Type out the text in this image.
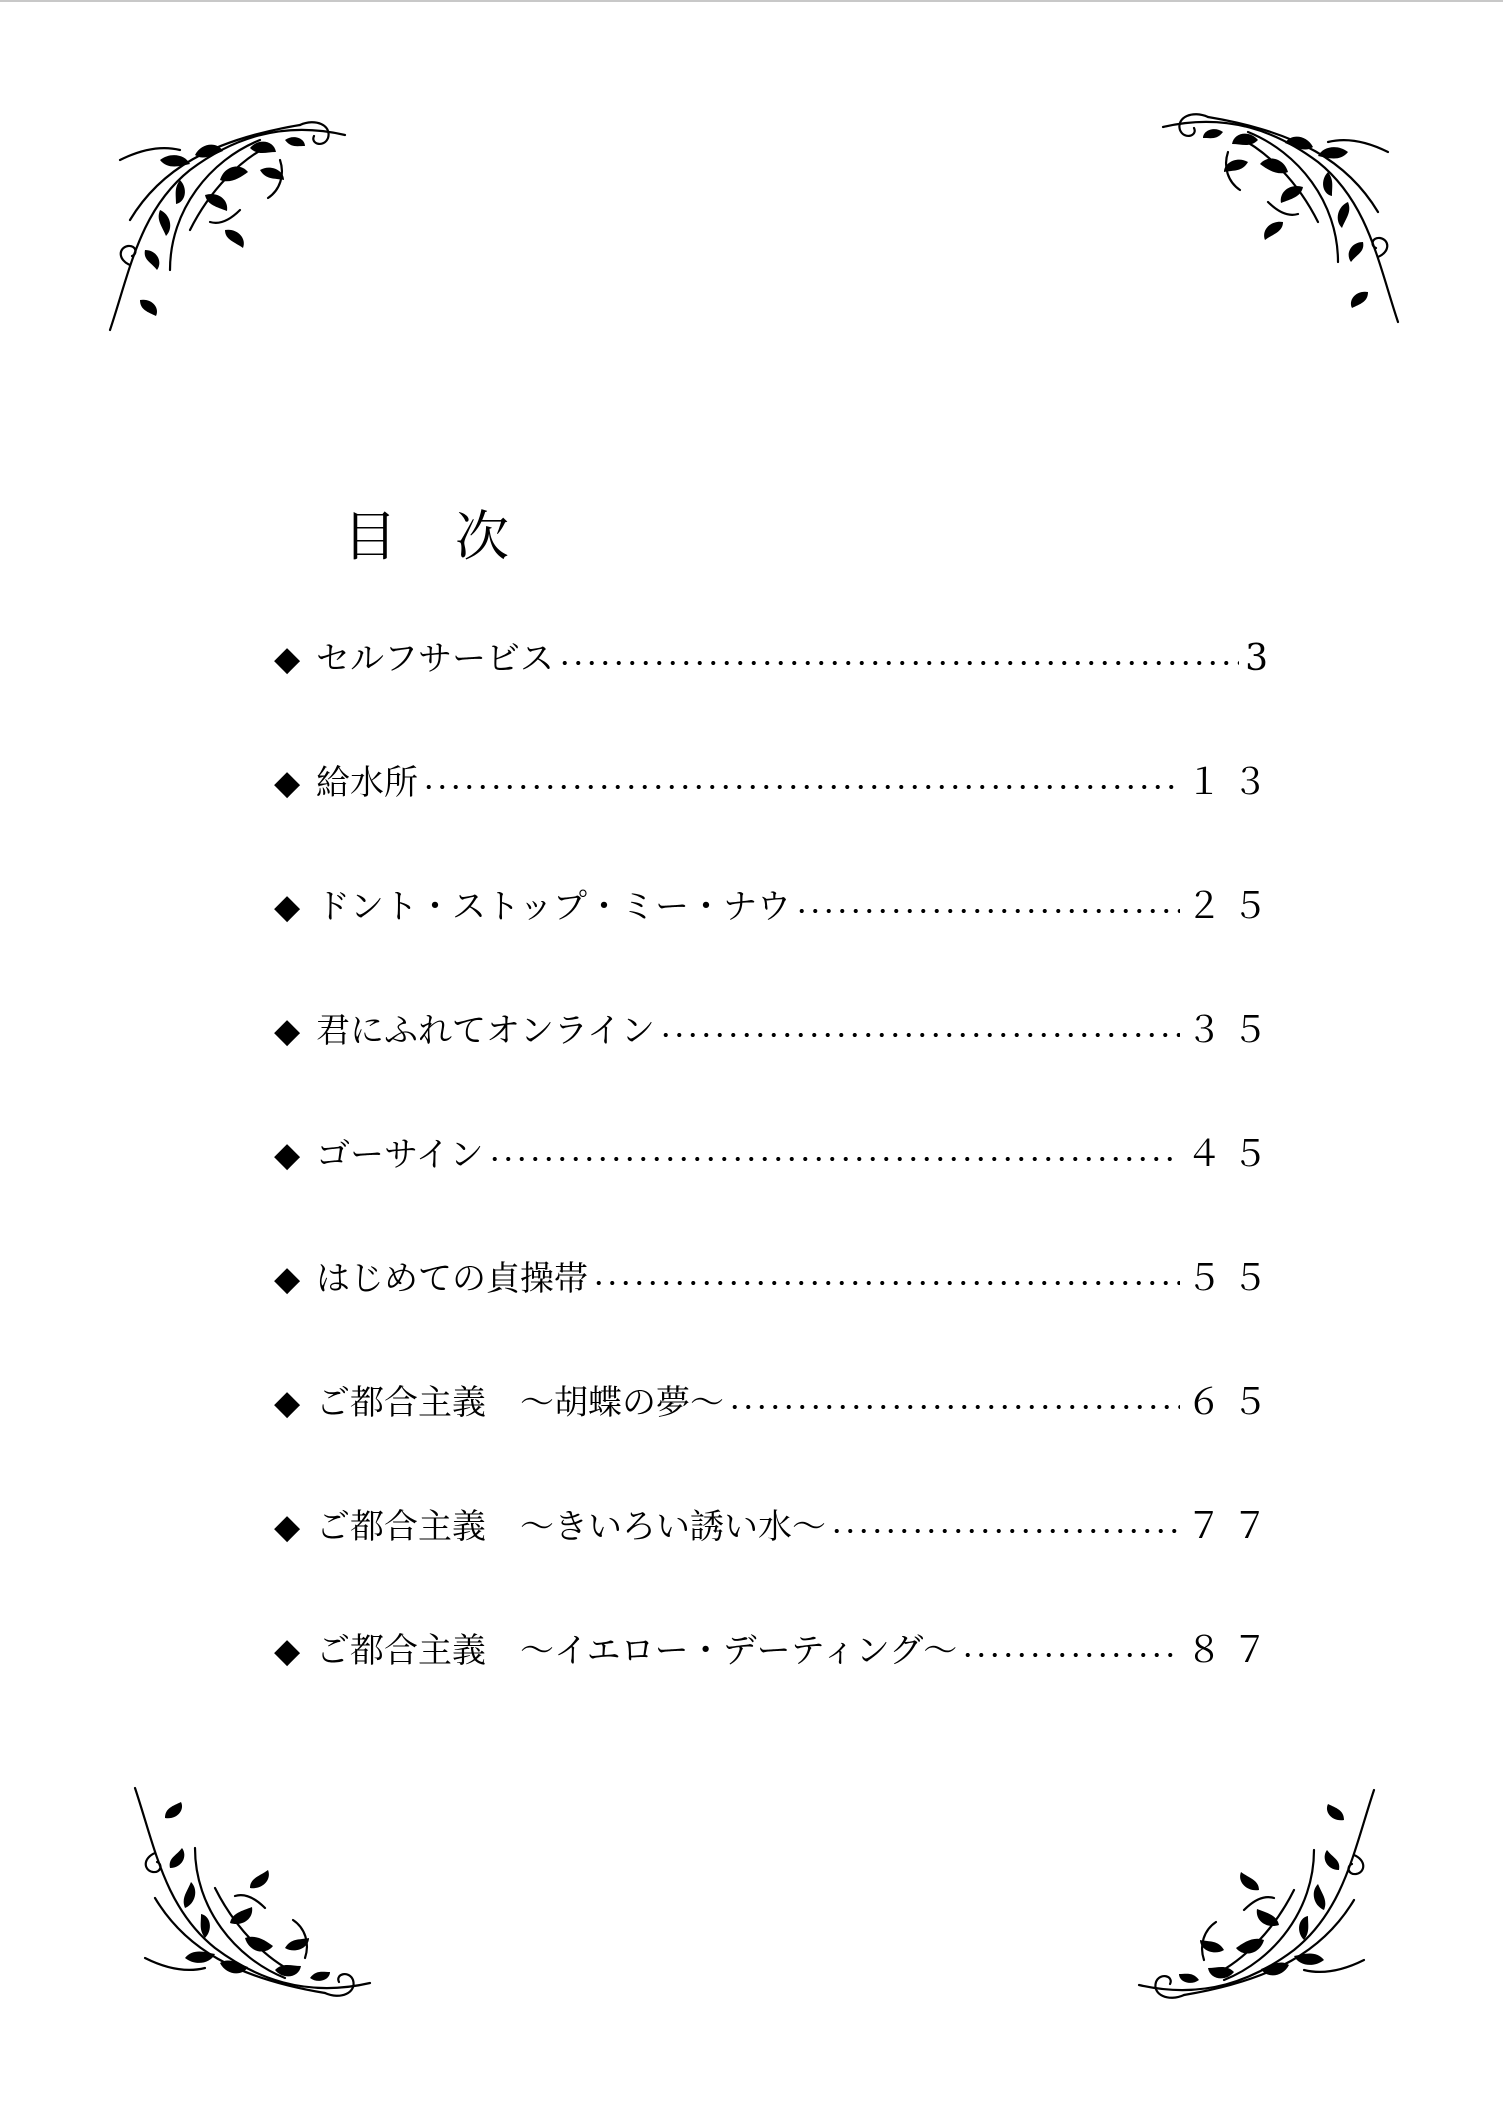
目　次
◆ セルフサービス	3
◆ 給水所	１３
◆ ドント・ストップ・ミー・ナウ	２５
◆ 君にふれてオンライン	３５
◆ ゴーサイン	４５
◆ はじめての貞操帯	５５
◆ ご都合主義　～胡蝶の夢～	６５
◆ ご都合主義　～きいろい誘い水～	７７
◆ ご都合主義　～イエロー・デーティング～	８７
